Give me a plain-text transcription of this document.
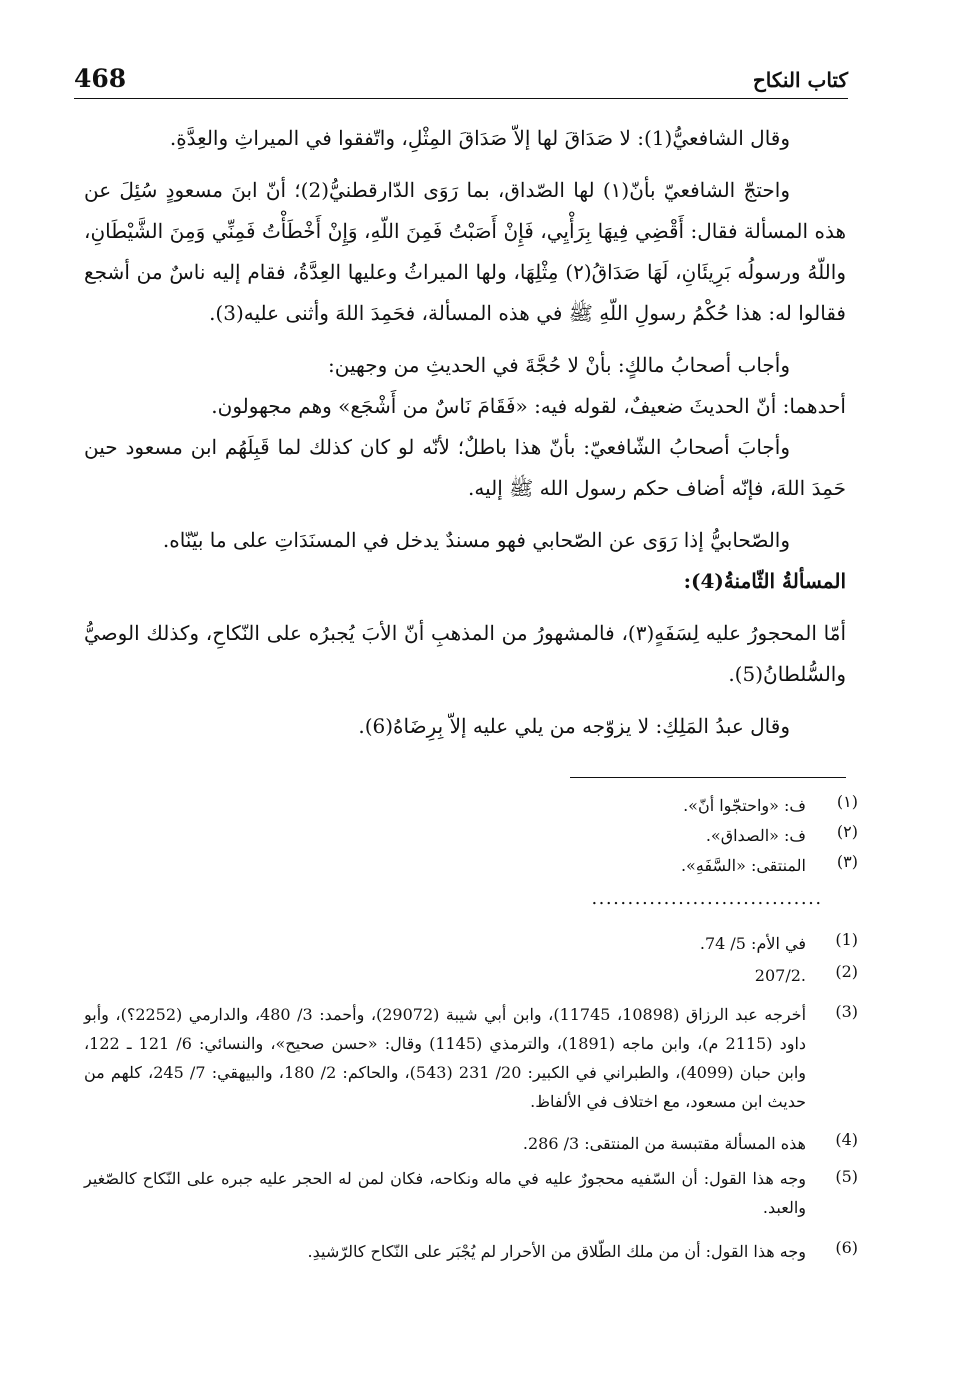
468	كتاب النكاح

وقال الشافعيُّ(1): لا صَدَاقَ لها إلاّ صَدَاقَ المِثْلِ، واتّفقوا في الميراثِ والعِدَّةِ.

واحتجّ الشافعيّ بأنّ(١) لها الصّداق، بما رَوَى الدّارقطنيُّ(2)؛ أنّ ابنَ مسعودٍ سُئِلَ عن هذه المسألة فقال: أَقْضِي فِيهَا بِرَأْيِي، فَإِنْ أَصَبْتُ فَمِنَ اللّهِ، وَإِنْ أَخْطَأْتُ فَمِنِّي وَمِنَ الشَّيْطَانِ، واللّهُ ورسولُه بَرِيئَانِ، لَهَا صَدَاقُ(٢) مِثْلِهَا، ولها الميراثُ وعليها العِدَّةُ، فقام إليه ناسٌ من أشجع فقالوا له: هذا حُكْمُ رسولِ اللّهِ ﷺ في هذه المسألة، فحَمِدَ اللهَ وأثنى عليه(3).

وأجاب أصحابُ مالكٍ: بأنْ لا حُجَّةَ في الحديثِ من وجهين:

أحدهما: أنّ الحديثَ ضعيفٌ، لقوله فيه: «فَقَامَ نَاسٌ من أَشْجَع» وهم مجهولون.

وأجابَ أصحابُ الشّافعيّ: بأنّ هذا باطلٌ؛ لأنّه لو كان كذلك لما قَبِلَهُم ابن مسعود حين حَمِدَ اللهَ، فإنّه أضاف حكم رسول الله ﷺ إليه.

والصّحابيُّ إذا رَوَى عن الصّحابي فهو مسندٌ يدخل في المسنَدَاتِ على ما بيّنّاه.

المسألةُ الثّامنةُ(4):

أمّا المحجورُ عليه لِسَفَهٍ(٣)، فالمشهورُ من المذهبِ أنّ الأبَ يُجبرُه على النّكاحِ، وكذلك الوصيُّ والسُّلطانُ(5).

وقال عبدُ المَلِكِ: لا يزوّجه من يلي عليه إلاّ بِرِضَاهُ(6).

(١)
ف: «واحتجّوا أنّ».
(٢)
ف: «الصداق».
(٣)
المنتقى: «السَّفَهِ».
................................
(1)
في الأم: 5/ 74.
(2)
207/2.
(3)
أخرجه عبد الرزاق (10898، 11745)، وابن أبي شيبة (29072)، وأحمد: 3/ 480، والدارمي (2252؟)، وأبو داود (2115 م)، وابن ماجه (1891)، والترمذي (1145) وقال: «حسن صحيح»، والنسائي: 6/ 121 ـ 122، وابن حبان (4099)، والطبراني في الكبير: 20/ 231 (543)، والحاكم: 2/ 180، والبيهقي: 7/ 245، كلهم من حديث ابن مسعود، مع اختلاف في الألفاظ.
(4)
هذه المسألة مقتبسة من المنتقى: 3/ 286.
(5)
وجه هذا القول: أن السّفيه محجورٌ عليه في ماله ونكاحه، فكان لمن له الحجر عليه جبره على النّكاح كالصّغير والعبد.
(6)
وجه هذا القول: أن من ملك الطّلاق من الأحرار لم يُجْبَر على النّكاح كالرّشيدِ.
